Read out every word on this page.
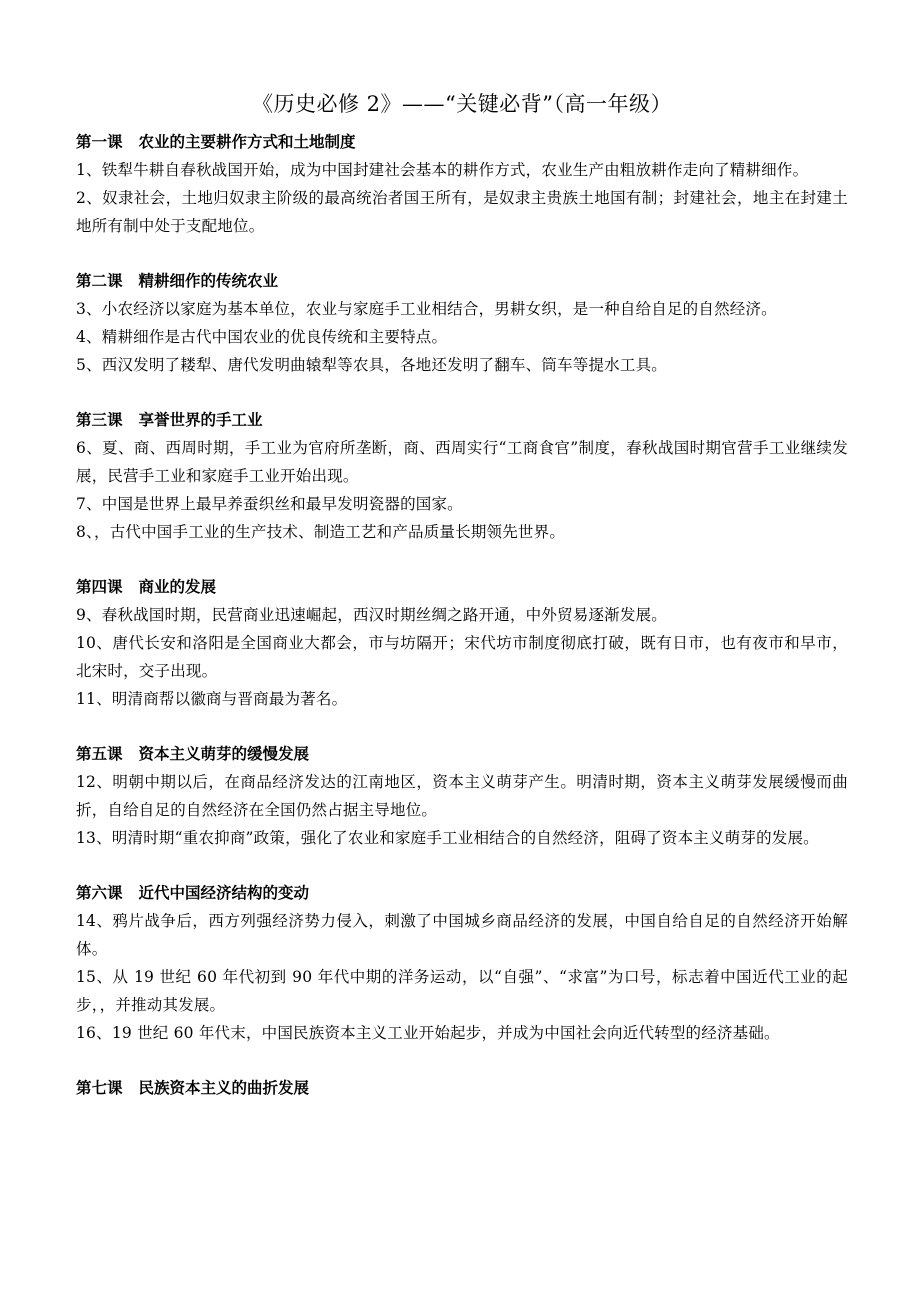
《历史必修 2》——“关键必背”（高一年级）

第一课 农业的主要耕作方式和土地制度

1、铁犁牛耕自春秋战国开始，成为中国封建社会基本的耕作方式，农业生产由粗放耕作走向了精耕细作。

2、奴隶社会，土地归奴隶主阶级的最高统治者国王所有，是奴隶主贵族土地国有制；封建社会，地主在封建土地所有制中处于支配地位。

第二课 精耕细作的传统农业

3、小农经济以家庭为基本单位，农业与家庭手工业相结合，男耕女织，是一种自给自足的自然经济。

4、精耕细作是古代中国农业的优良传统和主要特点。

5、西汉发明了耧犁、唐代发明曲辕犁等农具，各地还发明了翻车、筒车等提水工具。

第三课 享誉世界的手工业

6、夏、商、西周时期，手工业为官府所垄断，商、西周实行“工商食官”制度，春秋战国时期官营手工业继续发展，民营手工业和家庭手工业开始出现。

7、中国是世界上最早养蚕织丝和最早发明瓷器的国家。

8、，古代中国手工业的生产技术、制造工艺和产品质量长期领先世界。

第四课 商业的发展

9、春秋战国时期，民营商业迅速崛起，西汉时期丝绸之路开通，中外贸易逐渐发展。

10、唐代长安和洛阳是全国商业大都会，市与坊隔开；宋代坊市制度彻底打破，既有日市，也有夜市和早市，北宋时，交子出现。

11、明清商帮以徽商与晋商最为著名。

第五课 资本主义萌芽的缓慢发展

12、明朝中期以后，在商品经济发达的江南地区，资本主义萌芽产生。明清时期，资本主义萌芽发展缓慢而曲折，自给自足的自然经济在全国仍然占据主导地位。

13、明清时期“重农抑商”政策，强化了农业和家庭手工业相结合的自然经济，阻碍了资本主义萌芽的发展。

第六课 近代中国经济结构的变动

14、鸦片战争后，西方列强经济势力侵入，刺激了中国城乡商品经济的发展，中国自给自足的自然经济开始解体。

15、从 19 世纪 60 年代初到 90 年代中期的洋务运动，以“自强”、“求富”为口号，标志着中国近代工业的起步，，并推动其发展。

16、19 世纪 60 年代末，中国民族资本主义工业开始起步，并成为中国社会向近代转型的经济基础。

第七课 民族资本主义的曲折发展
